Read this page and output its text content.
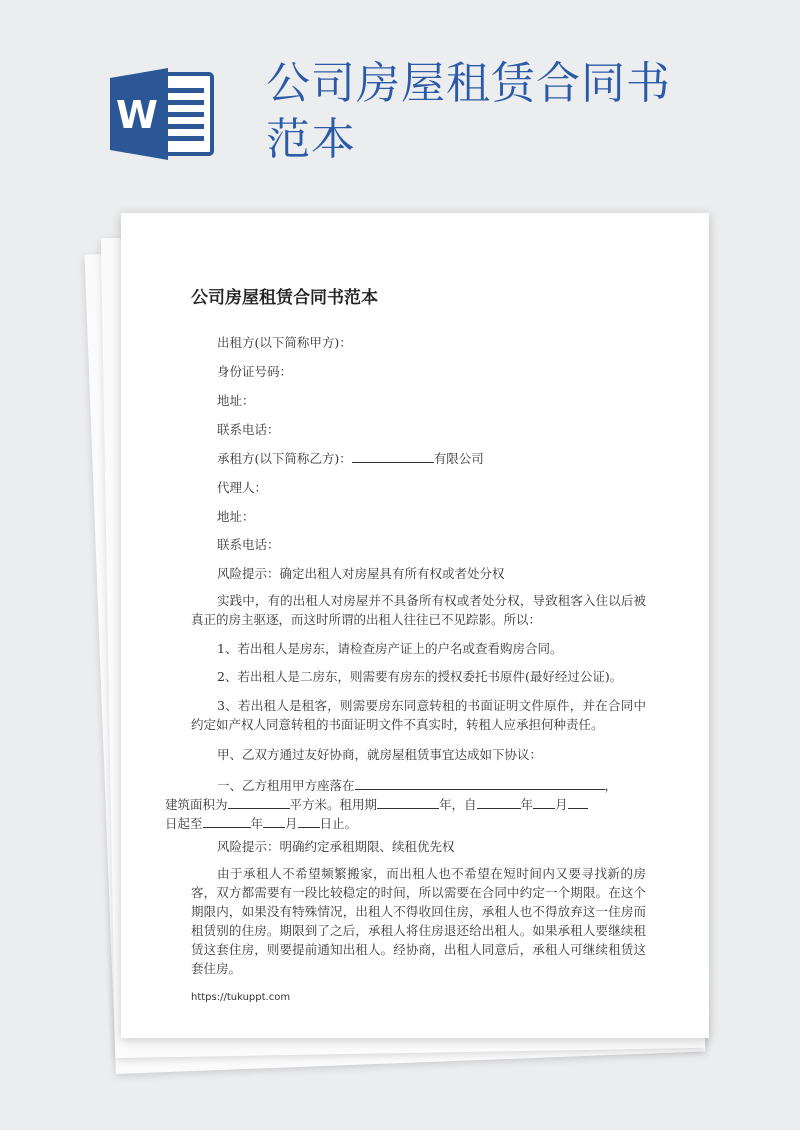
W
公司房屋租赁合同书范本
公司房屋租赁合同书范本
出租方(以下简称甲方)：
身份证号码：
地址：
联系电话：
承租方(以下简称乙方)：	有限公司
代理人：
地址：
联系电话：
风险提示：确定出租人对房屋具有所有权或者处分权
实践中，有的出租人对房屋并不具备所有权或者处分权，导致租客入住以后被真正的房主驱逐，而这时所谓的出租人往往已不见踪影。所以：
1、若出租人是房东，请检查房产证上的户名或查看购房合同。
2、若出租人是二房东，则需要有房东的授权委托书原件(最好经过公证)。
3、若出租人是租客，则需要房东同意转租的书面证明文件原件，并在合同中约定如产权人同意转租的书面证明文件不真实时，转租人应承担何种责任。
甲、乙双方通过友好协商，就房屋租赁事宜达成如下协议：
一、乙方租用甲方座落在	，
建筑面积为	平方米。租用期	年，自	年 月
日起至	年 月 日止。
风险提示：明确约定承租期限、续租优先权
由于承租人不希望频繁搬家，而出租人也不希望在短时间内又要寻找新的房客，双方都需要有一段比较稳定的时间，所以需要在合同中约定一个期限。在这个期限内，如果没有特殊情况，出租人不得收回住房，承租人也不得放弃这一住房而租赁别的住房。期限到了之后，承租人将住房退还给出租人。如果承租人要继续租赁这套住房，则要提前通知出租人。经协商，出租人同意后，承租人可继续租赁这套住房。
https://tukuppt.com
